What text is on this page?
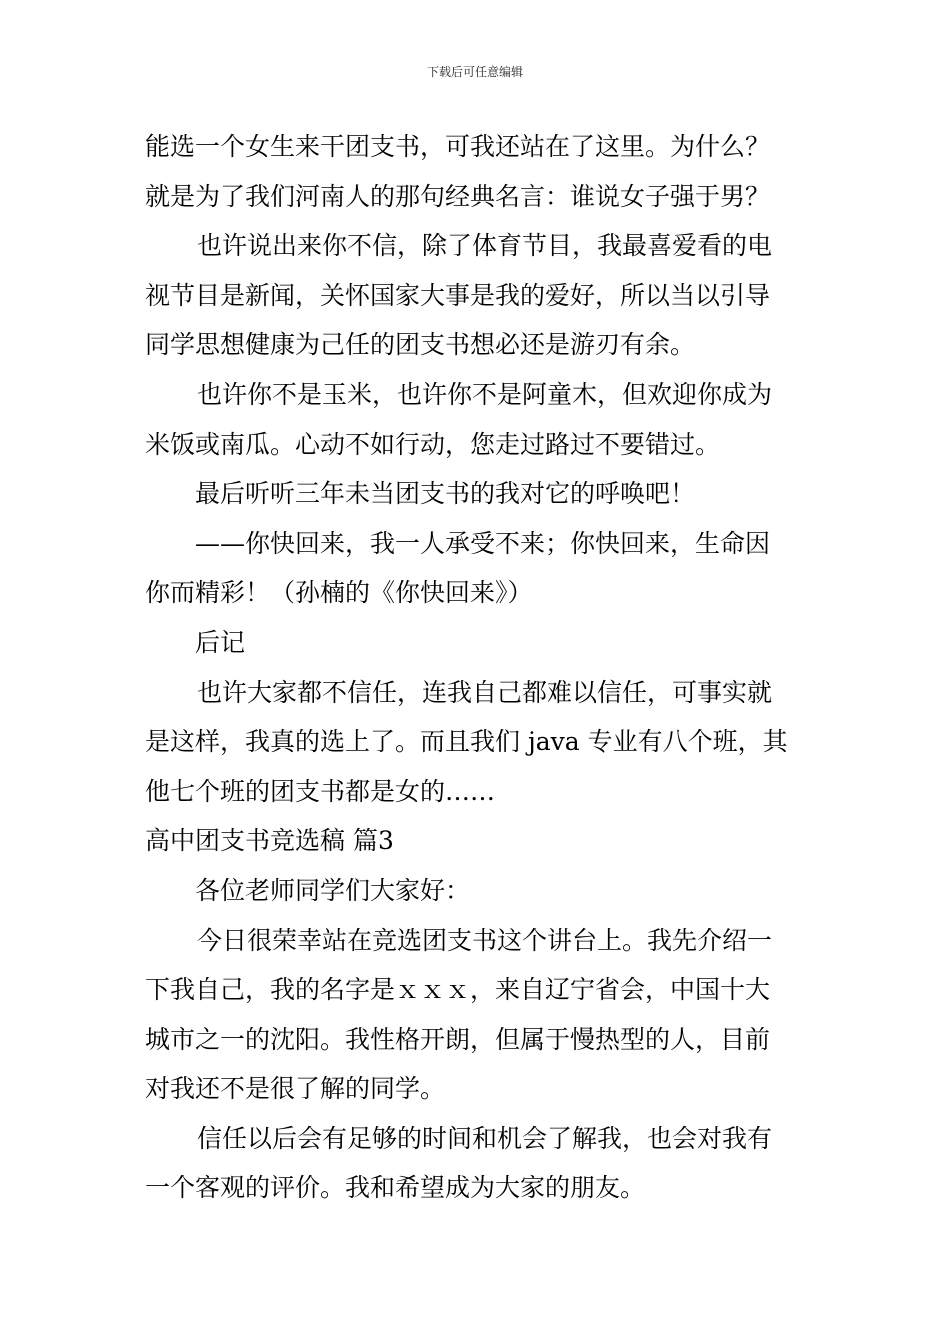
下载后可任意编辑
能选一个女生来干团支书，可我还站在了这里。为什么？
就是为了我们河南人的那句经典名言：谁说女子强于男？
也许说出来你不信，除了体育节目，我最喜爱看的电
视节目是新闻，关怀国家大事是我的爱好，所以当以引导
同学思想健康为己任的团支书想必还是游刃有余。
也许你不是玉米，也许你不是阿童木，但欢迎你成为
米饭或南瓜。心动不如行动，您走过路过不要错过。
最后听听三年未当团支书的我对它的呼唤吧！
——你快回来，我一人承受不来；你快回来，生命因
你而精彩！（孙楠的《你快回来》）
后记
也许大家都不信任，连我自己都难以信任，可事实就
是这样，我真的选上了。而且我们 java 专业有八个班，其
他七个班的团支书都是女的……
高中团支书竞选稿 篇3
各位老师同学们大家好：
今日很荣幸站在竞选团支书这个讲台上。我先介绍一
下我自己，我的名字是ｘｘｘ，来自辽宁省会，中国十大
城市之一的沈阳。我性格开朗，但属于慢热型的人，目前
对我还不是很了解的同学。
信任以后会有足够的时间和机会了解我，也会对我有
一个客观的评价。我和希望成为大家的朋友。
